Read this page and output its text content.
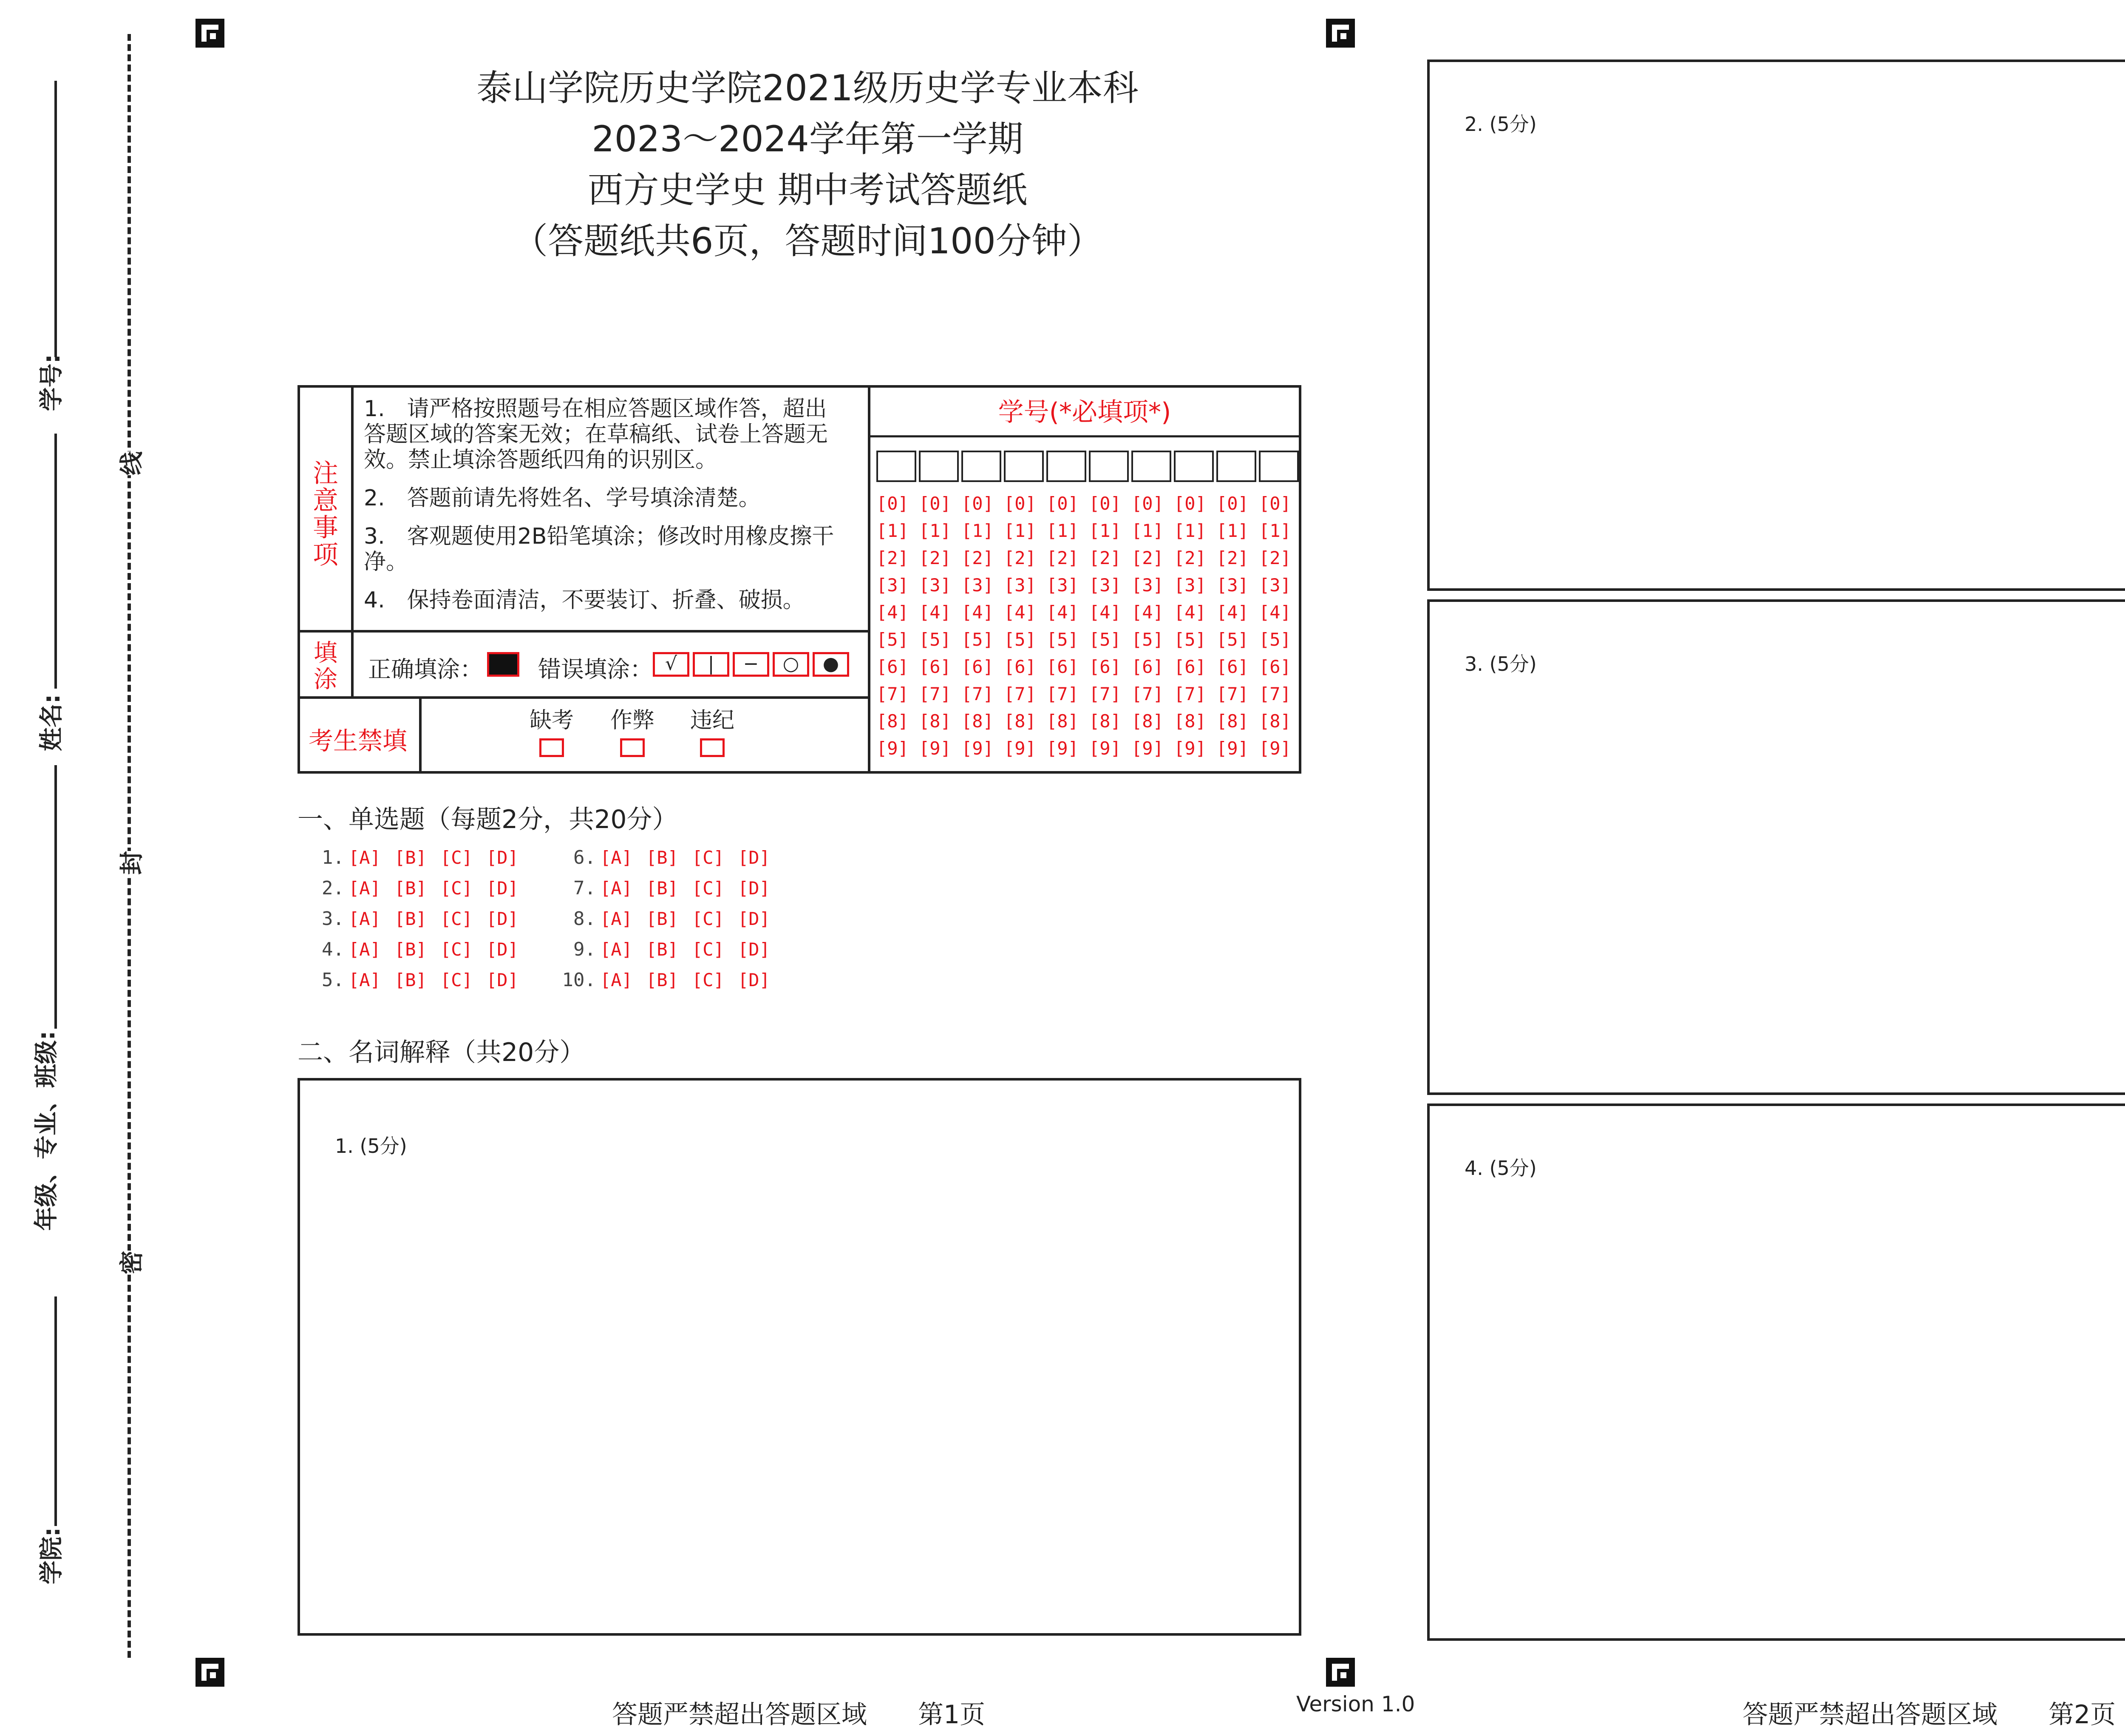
学号:
姓名:
年级、专业、班级:
学院:
线
封
密
泰山学院历史学院2021级历史学专业本科
2023～2024学年第一学期
西方史学史 期中考试答题纸
（答题纸共6页，答题时间100分钟）
注意事项
1.　请严格按照题号在相应答题区域作答，超出答题区域的答案无效；在草稿纸、试卷上答题无效。禁止填涂答题纸四角的识别区。
2.　答题前请先将姓名、学号填涂清楚。
3.　客观题使用2B铅笔填涂；修改时用橡皮擦干净。
4.　保持卷面清洁，不要装订、折叠、破损。
填涂 正确填涂： 错误填涂： √ | − ○ ●
考生禁填
缺考 作弊 违纪
学号(*必填项*)
[0] [0] [0] [0] [0] [0] [0] [0] [0] [0]
[1] [1] [1] [1] [1] [1] [1] [1] [1] [1]
[2] [2] [2] [2] [2] [2] [2] [2] [2] [2]
[3] [3] [3] [3] [3] [3] [3] [3] [3] [3]
[4] [4] [4] [4] [4] [4] [4] [4] [4] [4]
[5] [5] [5] [5] [5] [5] [5] [5] [5] [5]
[6] [6] [6] [6] [6] [6] [6] [6] [6] [6]
[7] [7] [7] [7] [7] [7] [7] [7] [7] [7]
[8] [8] [8] [8] [8] [8] [8] [8] [8] [8]
[9] [9] [9] [9] [9] [9] [9] [9] [9] [9]
一、单选题（每题2分，共20分）
1. [A] [B] [C] [D]	6. [A] [B] [C] [D]
2. [A] [B] [C] [D]	7. [A] [B] [C] [D]
3. [A] [B] [C] [D]	8. [A] [B] [C] [D]
4. [A] [B] [C] [D]	9. [A] [B] [C] [D]
5. [A] [B] [C] [D] 10. [A] [B] [C] [D]
二、名词解释（共20分）
1. (5分)
2. (5分)
3. (5分)
4. (5分)
答题严禁超出答题区域　　第1页	Version 1.0	答题严禁超出答题区域　　第2页
